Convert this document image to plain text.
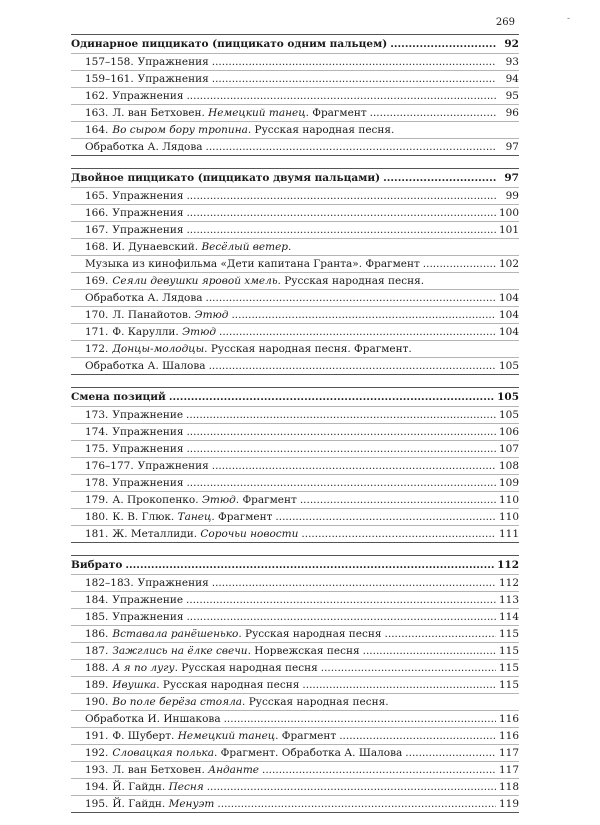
269	-
Одинарное пиццикато (пиццикато одним пальцем) .....	92
157–158. Упражнения .....	93
159–161. Упражнения .....	94
162. Упражнения .....	95
163. Л. ван Бетховен. Немецкий танец. Фрагмент .....	96
164. Во сыром бору тропина. Русская народная песня.
Обработка А. Лядова .....	97
Двойное пиццикато (пиццикато двумя пальцами) .....	97
165. Упражнения .....	99
166. Упражнения .....	100
167. Упражнения .....	101
168. И. Дунаевский. Весёлый ветер.
Музыка из кинофильма «Дети капитана Гранта». Фрагмент .....	102
169. Сеяли девушки яровой хмель. Русская народная песня.
Обработка А. Лядова .....	104
170. Л. Панайотов. Этюд .....	104
171. Ф. Карулли. Этюд .....	104
172. Донцы-молодцы. Русская народная песня. Фрагмент.
Обработка А. Шалова .....	105
Смена позиций .....	105
173. Упражнение .....	105
174. Упражнения .....	106
175. Упражнения .....	107
176–177. Упражнения .....	108
178. Упражнения .....	109
179. А. Прокопенко. Этюд. Фрагмент .....	110
180. К. В. Глюк. Танец. Фрагмент .....	110
181. Ж. Металлиди. Сорочьи новости .....	111
Вибрато .....	112
182–183. Упражнения .....	112
184. Упражнение .....	113
185. Упражнения .....	114
186. Вставала ранёшенько. Русская народная песня .....	115
187. Зажглись на ёлке свечи. Норвежская песня .....	115
188. А я по лугу. Русская народная песня .....	115
189. Ивушка. Русская народная песня .....	115
190. Во поле берёза стояла. Русская народная песня.
Обработка И. Иншакова .....	116
191. Ф. Шуберт. Немецкий танец. Фрагмент .....	116
192. Словацкая полька. Фрагмент. Обработка А. Шалова .....	117
193. Л. ван Бетховен. Анданте .....	117
194. Й. Гайдн. Песня .....	118
195. Й. Гайдн. Менуэт .....	119
